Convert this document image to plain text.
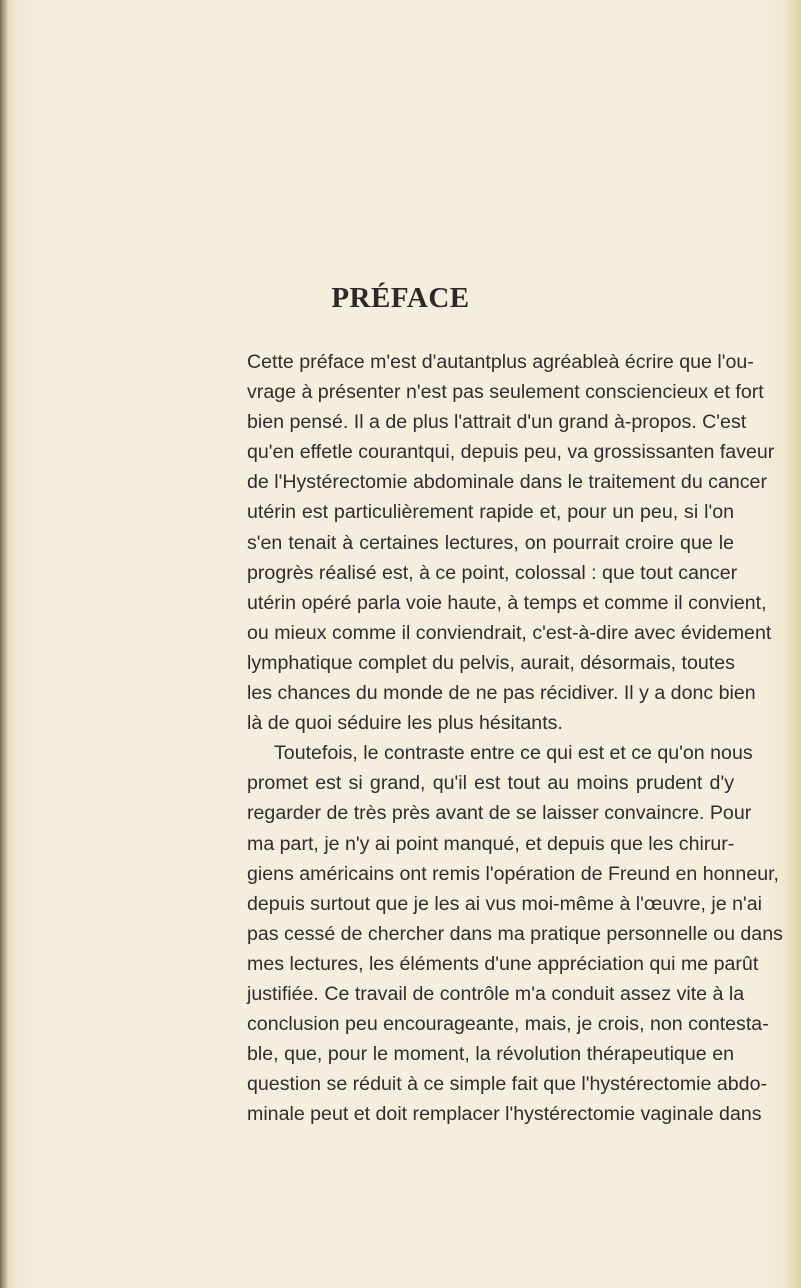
PRÉFACE
Cette préface m'est d'autantplus agréableà écrire que l'ou-
vrage à présenter n'est pas seulement consciencieux et fort
bien pensé. Il a de plus l'attrait d'un grand à-propos. C'est
qu'en effetle courantqui, depuis peu, va grossissanten faveur
de l'Hystérectomie abdominale dans le traitement du cancer
utérin est particulièrement rapide et, pour un peu, si l'on
s'en tenait à certaines lectures, on pourrait croire que le
progrès réalisé est, à ce point, colossal : que tout cancer
utérin opéré parla voie haute, à temps et comme il convient,
ou mieux comme il conviendrait, c'est-à-dire avec évidement
lymphatique complet du pelvis, aurait, désormais, toutes
les chances du monde de ne pas récidiver. Il y a donc bien
là de quoi séduire les plus hésitants.
Toutefois, le contraste entre ce qui est et ce qu'on nous
promet est si grand, qu'il est tout au moins prudent d'y
regarder de très près avant de se laisser convaincre. Pour
ma part, je n'y ai point manqué, et depuis que les chirur-
giens américains ont remis l'opération de Freund en honneur,
depuis surtout que je les ai vus moi-même à l'œuvre, je n'ai
pas cessé de chercher dans ma pratique personnelle ou dans
mes lectures, les éléments d'une appréciation qui me parût
justifiée. Ce travail de contrôle m'a conduit assez vite à la
conclusion peu encourageante, mais, je crois, non contesta-
ble, que, pour le moment, la révolution thérapeutique en
question se réduit à ce simple fait que l'hystérectomie abdo-
minale peut et doit remplacer l'hystérectomie vaginale dans
